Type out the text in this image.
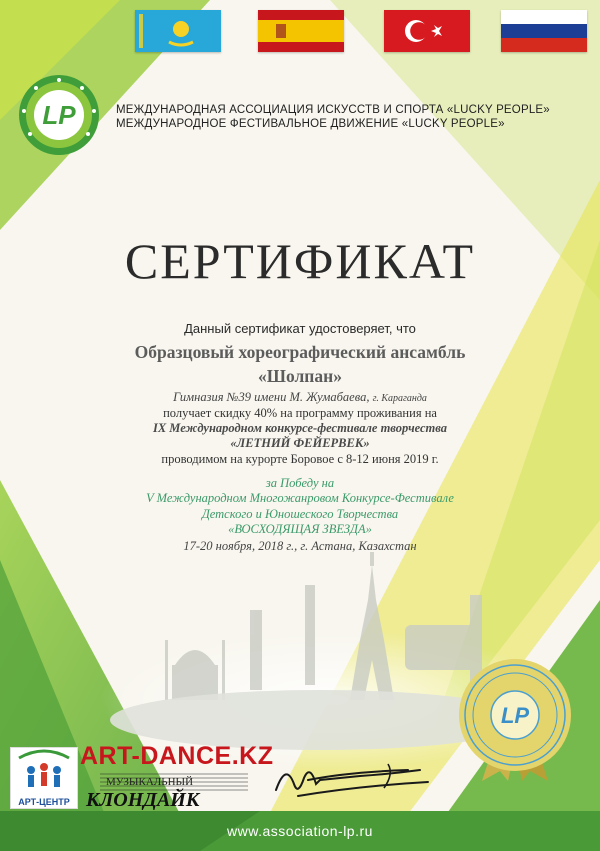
LP	МЕЖДУНАРОДНАЯ АССОЦИАЦИЯ ИСКУССТВ И СПОРТА «LUCKY PEOPLE»
МЕЖДУНАРОДНОЕ ФЕСТИВАЛЬНОЕ ДВИЖЕНИЕ «LUCKY PEOPLE»
СЕРТИФИКАТ
Данный сертификат удостоверяет, что
Образцовый хореографический ансамбль
«Шолпан»
Гимназия №39 имени М. Жумабаева, г. Караганда
получает скидку 40% на программу проживания на
IX Международном конкурсе-фестивале творчества
«ЛЕТНИЙ ФЕЙЕРВЕК»
проводимом на курорте Боровое с 8-12 июня 2019 г.
за Победу на
V Международном Многожанровом Конкурсе-Фестивале
Детского и Юношеского Творчества
«ВОСХОДЯЩАЯ ЗВЕЗДА»
17-20 ноября, 2018 г., г. Астана, Казахстан
LP
АРТ-ЦЕНТР
ART-DANCE.KZ
МУЗЫКАЛЬНЫЙ
КЛОНДАЙК
www.association-lp.ru
